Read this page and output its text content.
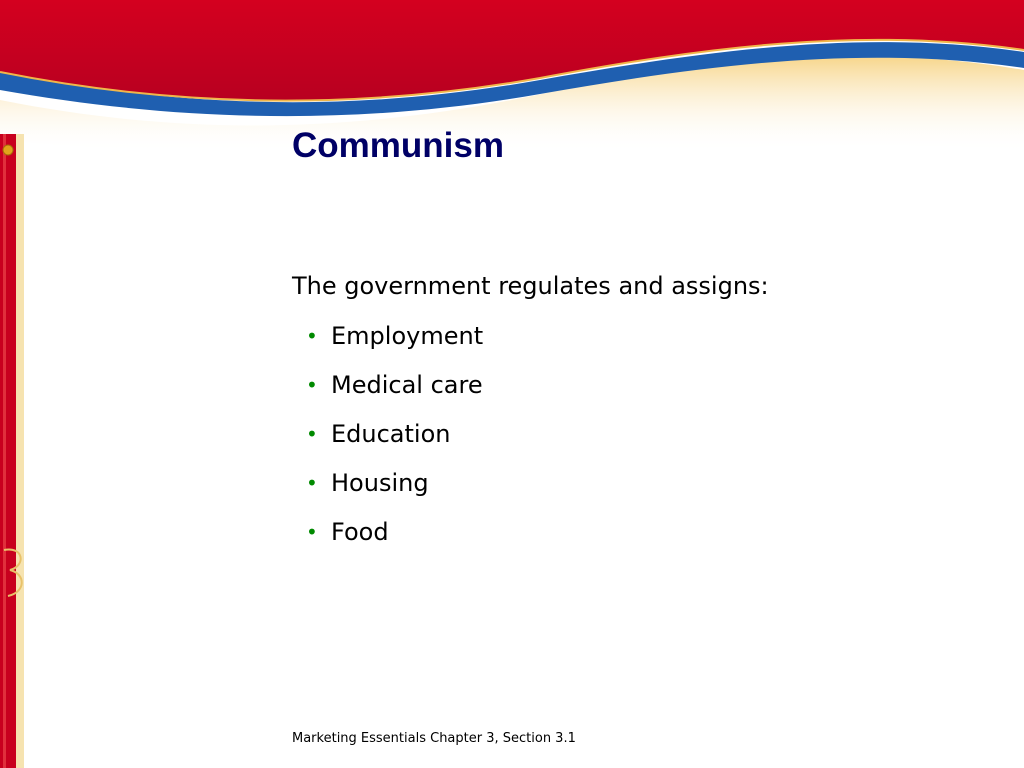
Communism

The government regulates and assigns:

• Employment
• Medical care
• Education
• Housing
• Food

Marketing Essentials Chapter 3, Section 3.1
